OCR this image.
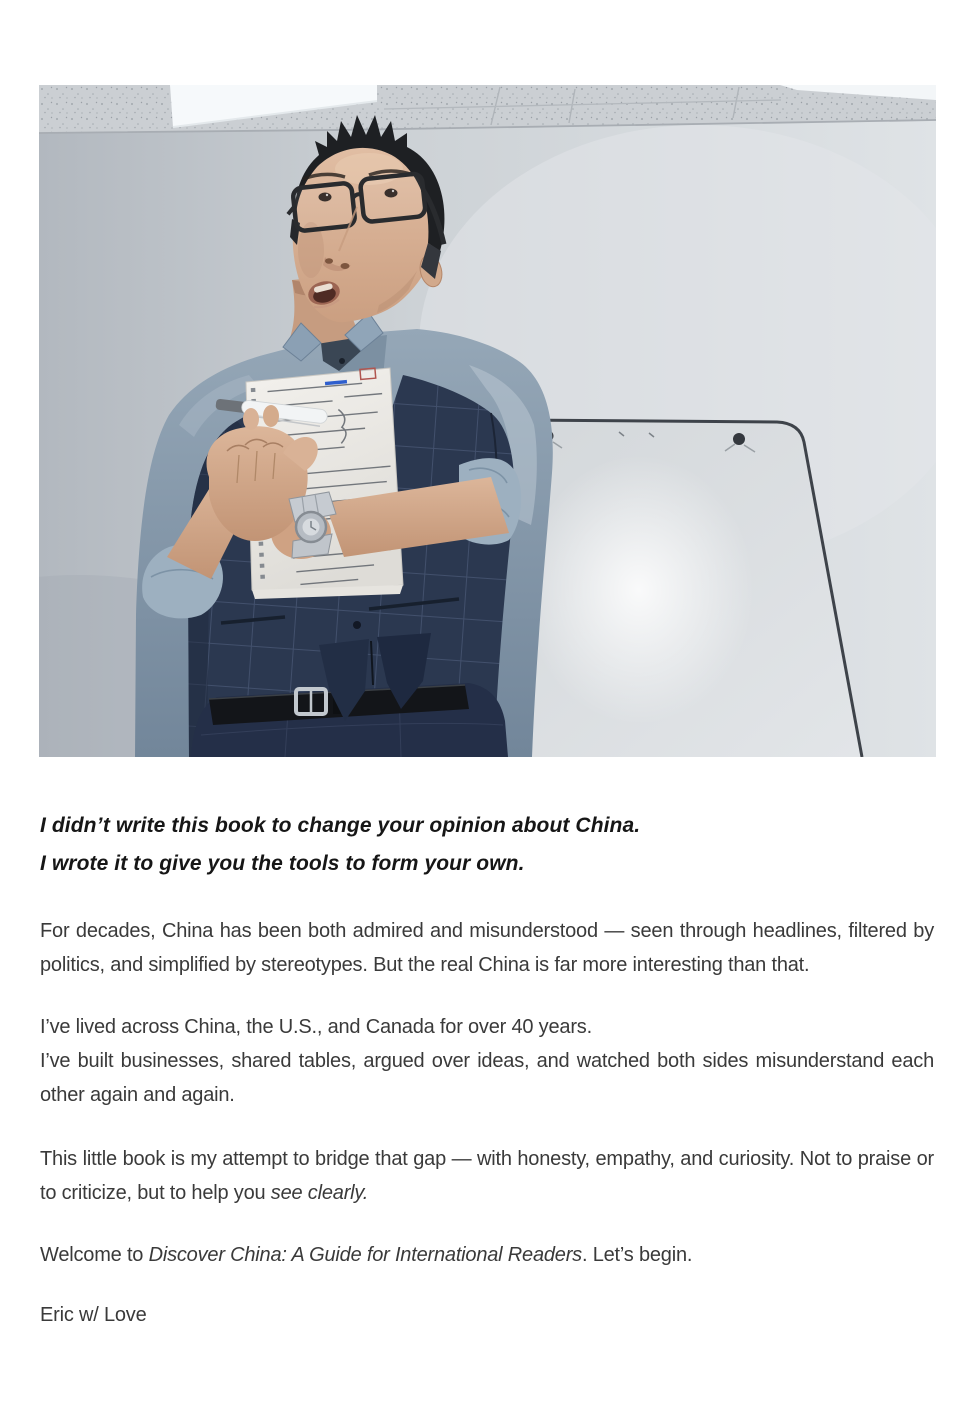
I didn’t write this book to change your opinion about China.
I wrote it to give you the tools to form your own.

For decades, China has been both admired and misunderstood — seen through headlines, filtered by politics, and simplified by stereotypes. But the real China is far more interesting than that.

I’ve lived across China, the U.S., and Canada for over 40 years.
I’ve built businesses, shared tables, argued over ideas, and watched both sides misunderstand each other again and again.

This little book is my attempt to bridge that gap — with honesty, empathy, and curiosity. Not to praise or to criticize, but to help you see clearly.

Welcome to Discover China: A Guide for International Readers. Let’s begin.

Eric w/ Love
